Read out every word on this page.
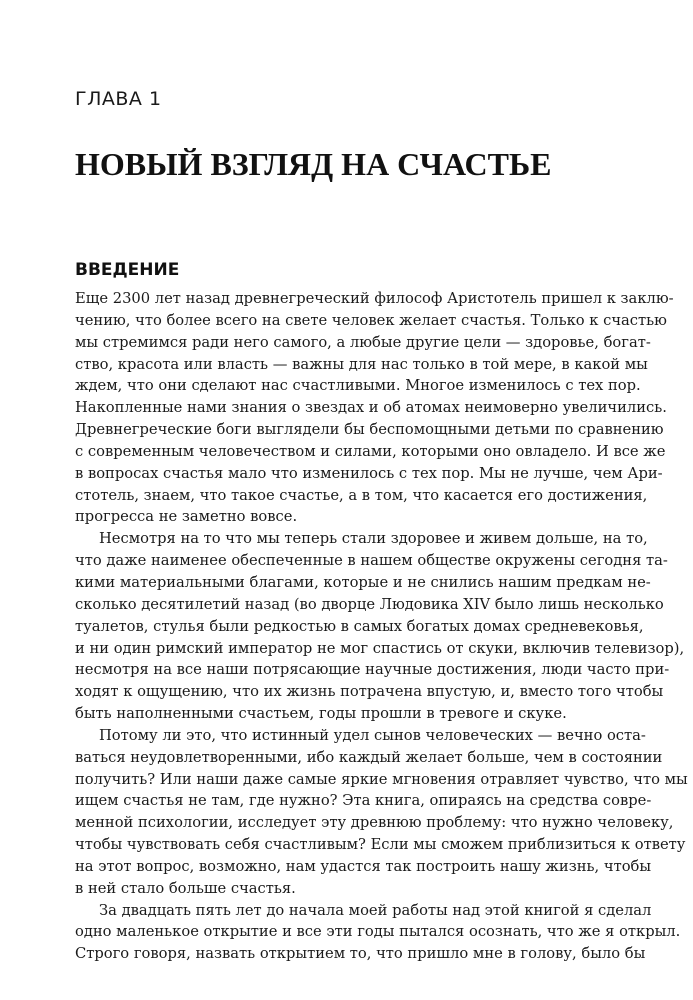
ГЛАВА 1
НОВЫЙ ВЗГЛЯД НА СЧАСТЬЕ
ВВЕДЕНИЕ
Еще 2300 лет назад древнегреческий философ Аристотель пришел к заклю-
чению, что более всего на свете человек желает счастья. Только к счастью
мы стремимся ради него самого, а любые другие цели — здоровье, богат-
ство, красота или власть — важны для нас только в той мере, в какой мы
ждем, что они сделают нас счастливыми. Многое изменилось с тех пор.
Накопленные нами знания о звездах и об атомах неимоверно увеличились.
Древнегреческие боги выглядели бы беспомощными детьми по сравнению
с современным человечеством и силами, которыми оно овладело. И все же
в вопросах счастья мало что изменилось с тех пор. Мы не лучше, чем Ари-
стотель, знаем, что такое счастье, а в том, что касается его достижения,
прогресса не заметно вовсе.
Несмотря на то что мы теперь стали здоровее и живем дольше, на то,
что даже наименее обеспеченные в нашем обществе окружены сегодня та-
кими материальными благами, которые и не снились нашим предкам не-
сколько десятилетий назад (во дворце Людовика XIV было лишь несколько
туалетов, стулья были редкостью в самых богатых домах средневековья,
и ни один римский император не мог спастись от скуки, включив телевизор),
несмотря на все наши потрясающие научные достижения, люди часто при-
ходят к ощущению, что их жизнь потрачена впустую, и, вместо того чтобы
быть наполненными счастьем, годы прошли в тревоге и скуке.
Потому ли это, что истинный удел сынов человеческих — вечно оста-
ваться неудовлетворенными, ибо каждый желает больше, чем в состоянии
получить? Или наши даже самые яркие мгновения отравляет чувство, что мы
ищем счастья не там, где нужно? Эта книга, опираясь на средства совре-
менной психологии, исследует эту древнюю проблему: что нужно человеку,
чтобы чувствовать себя счастливым? Если мы сможем приблизиться к ответу
на этот вопрос, возможно, нам удастся так построить нашу жизнь, чтобы
в ней стало больше счастья.
За двадцать пять лет до начала моей работы над этой книгой я сделал
одно маленькое открытие и все эти годы пытался осознать, что же я открыл.
Строго говоря, назвать открытием то, что пришло мне в голову, было бы
